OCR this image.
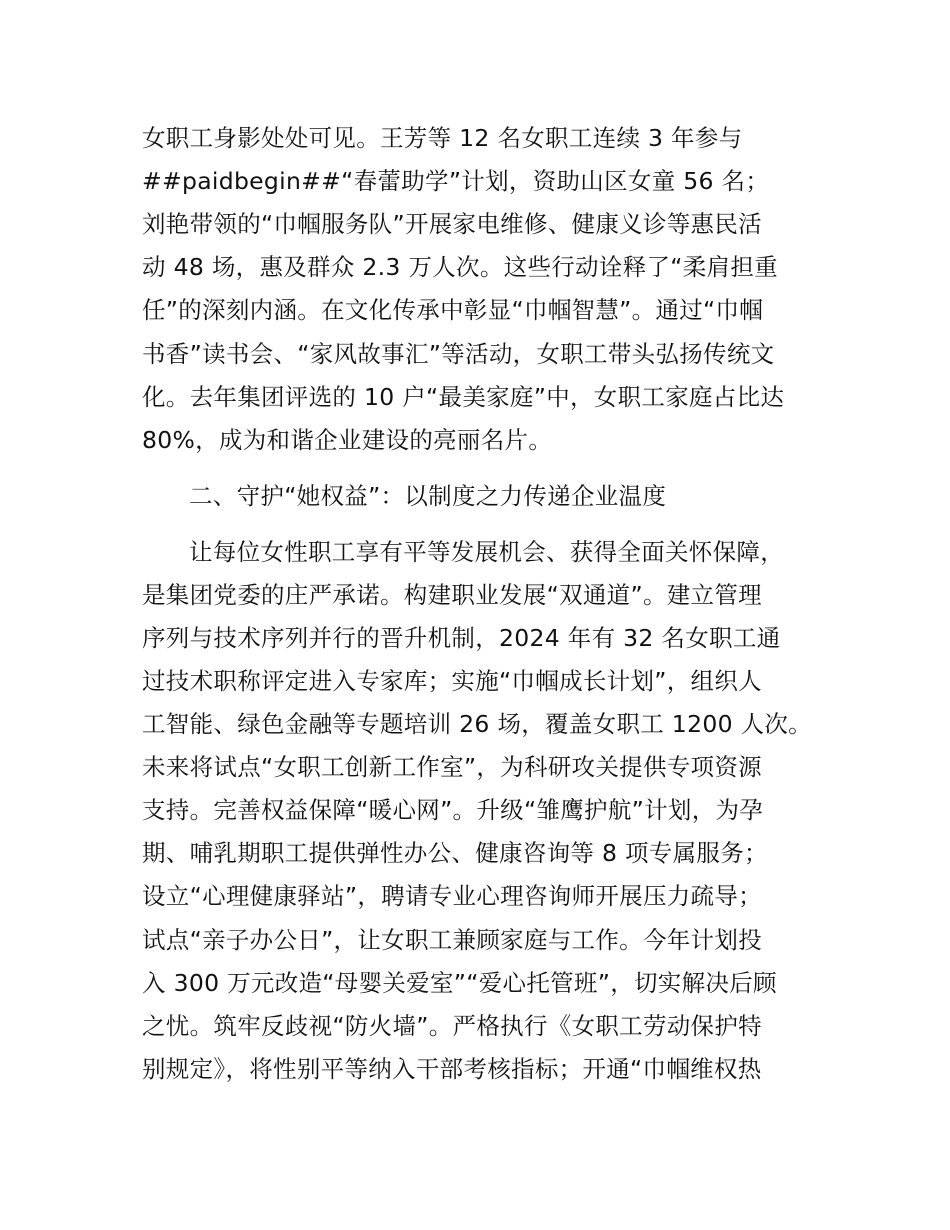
女职工身影处处可见。王芳等 12 名女职工连续 3 年参与
##paidbegin##“春蕾助学”计划，资助山区女童 56 名；
刘艳带领的“巾帼服务队”开展家电维修、健康义诊等惠民活
动 48 场，惠及群众 2.3 万人次。这些行动诠释了“柔肩担重
任”的深刻内涵。在文化传承中彰显“巾帼智慧”。通过“巾帼
书香”读书会、“家风故事汇”等活动，女职工带头弘扬传统文
化。去年集团评选的 10 户“最美家庭”中，女职工家庭占比达
80%，成为和谐企业建设的亮丽名片。
二、守护“她权益”：以制度之力传递企业温度
让每位女性职工享有平等发展机会、获得全面关怀保障，
是集团党委的庄严承诺。构建职业发展“双通道”。建立管理
序列与技术序列并行的晋升机制，2024 年有 32 名女职工通
过技术职称评定进入专家库；实施“巾帼成长计划”，组织人
工智能、绿色金融等专题培训 26 场，覆盖女职工 1200 人次。
未来将试点“女职工创新工作室”，为科研攻关提供专项资源
支持。完善权益保障“暖心网”。升级“雏鹰护航”计划，为孕
期、哺乳期职工提供弹性办公、健康咨询等 8 项专属服务；
设立“心理健康驿站”，聘请专业心理咨询师开展压力疏导；
试点“亲子办公日”，让女职工兼顾家庭与工作。今年计划投
入 300 万元改造“母婴关爱室”“爱心托管班”，切实解决后顾
之忧。筑牢反歧视“防火墙”。严格执行《女职工劳动保护特
别规定》，将性别平等纳入干部考核指标；开通“巾帼维权热
